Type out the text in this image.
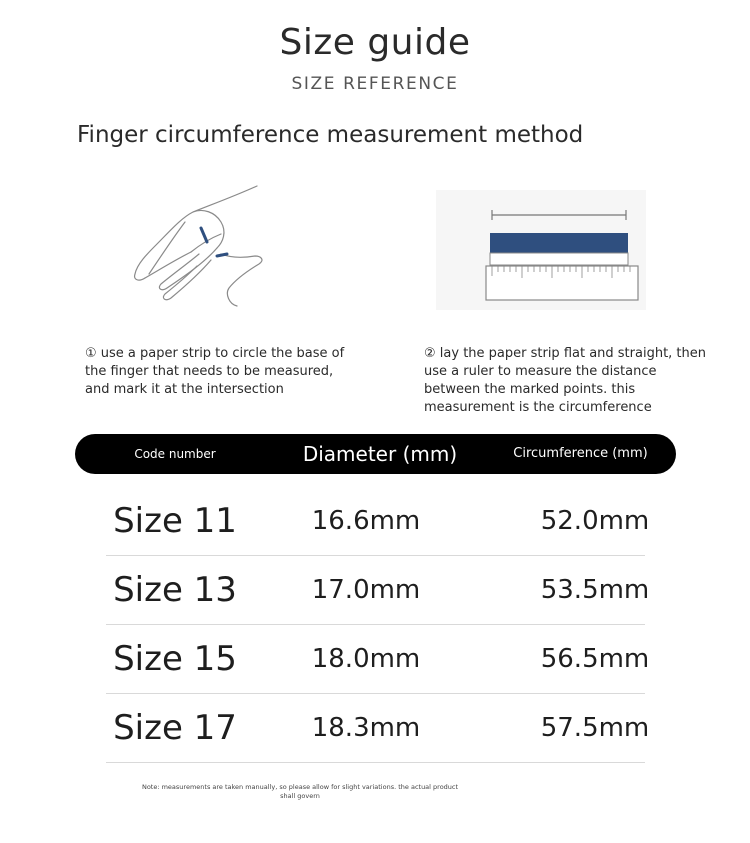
Size guide
SIZE REFERENCE
Finger circumference measurement method
① use a paper strip to circle the base of the finger that needs to be measured, and mark it at the intersection
② lay the paper strip flat and straight, then use a ruler to measure the distance between the marked points. this measurement is the circumference
Code number	Diameter (mm)	Circumference (mm)
Size 11	16.6mm	52.0mm
Size 13	17.0mm	53.5mm
Size 15	18.0mm	56.5mm
Size 17	18.3mm	57.5mm
Note: measurements are taken manually, so please allow for slight variations. the actual product shall govern
